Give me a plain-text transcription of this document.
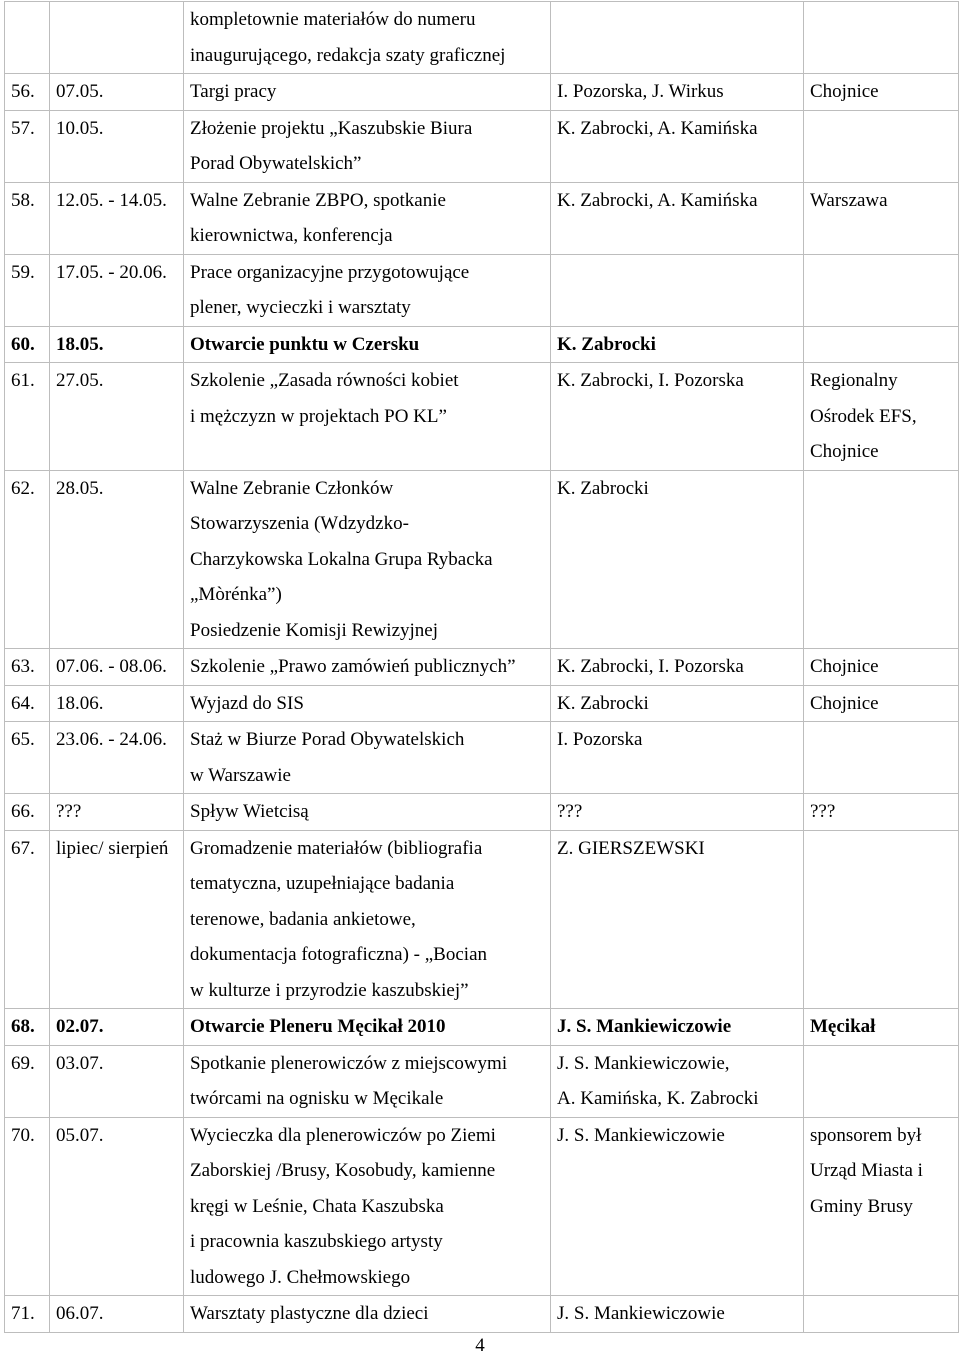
		kompletownie materiałów do numeru
inaugurującego, redakcja szaty graficznej		

56.	07.05.	Targi pracy	I. Pozorska, J. Wirkus	Chojnice

57.	10.05.	Złożenie projektu „Kaszubskie Biura
Porad Obywatelskich”	K. Zabrocki, A. Kamińska	

58.	12.05. - 14.05.	Walne Zebranie ZBPO, spotkanie
kierownictwa, konferencja	K. Zabrocki, A. Kamińska	Warszawa

59.	17.05. - 20.06.	Prace organizacyjne przygotowujące
plener, wycieczki i warsztaty		

60.	18.05.	Otwarcie punktu w Czersku	K. Zabrocki	

61.	27.05.	Szkolenie „Zasada równości kobiet
i mężczyzn w projektach PO KL”	K. Zabrocki, I. Pozorska	Regionalny
Ośrodek EFS,
Chojnice

62.	28.05.	Walne Zebranie Członków
Stowarzyszenia (Wdzydzko-
Charzykowska Lokalna Grupa Rybacka
„Mòrénka”)
Posiedzenie Komisji Rewizyjnej	K. Zabrocki	

63.	07.06. - 08.06.	Szkolenie „Prawo zamówień publicznych”	K. Zabrocki, I. Pozorska	Chojnice

64.	18.06.	Wyjazd do SIS	K. Zabrocki	Chojnice

65.	23.06. - 24.06.	Staż w Biurze Porad Obywatelskich
w Warszawie	I. Pozorska	

66.	???	Spływ Wietcisą	???	???

67.	lipiec/ sierpień	Gromadzenie materiałów (bibliografia
tematyczna, uzupełniające badania
terenowe, badania ankietowe,
dokumentacja fotograficzna) - „Bocian
w kulturze i przyrodzie kaszubskiej”	Z. GIERSZEWSKI	

68.	02.07.	Otwarcie Pleneru Męcikał 2010	J. S. Mankiewiczowie	Męcikał

69.	03.07.	Spotkanie plenerowiczów z miejscowymi
twórcami na ognisku w Męcikale	J. S. Mankiewiczowie,
A. Kamińska, K. Zabrocki	

70.	05.07.	Wycieczka dla plenerowiczów po Ziemi
Zaborskiej /Brusy, Kosobudy, kamienne
kręgi w Leśnie, Chata Kaszubska
i pracownia kaszubskiego artysty
ludowego J. Chełmowskiego	J. S. Mankiewiczowie	sponsorem był
Urząd Miasta i
Gminy Brusy

71.	06.07.	Warsztaty plastyczne dla dzieci	J. S. Mankiewiczowie	

4
